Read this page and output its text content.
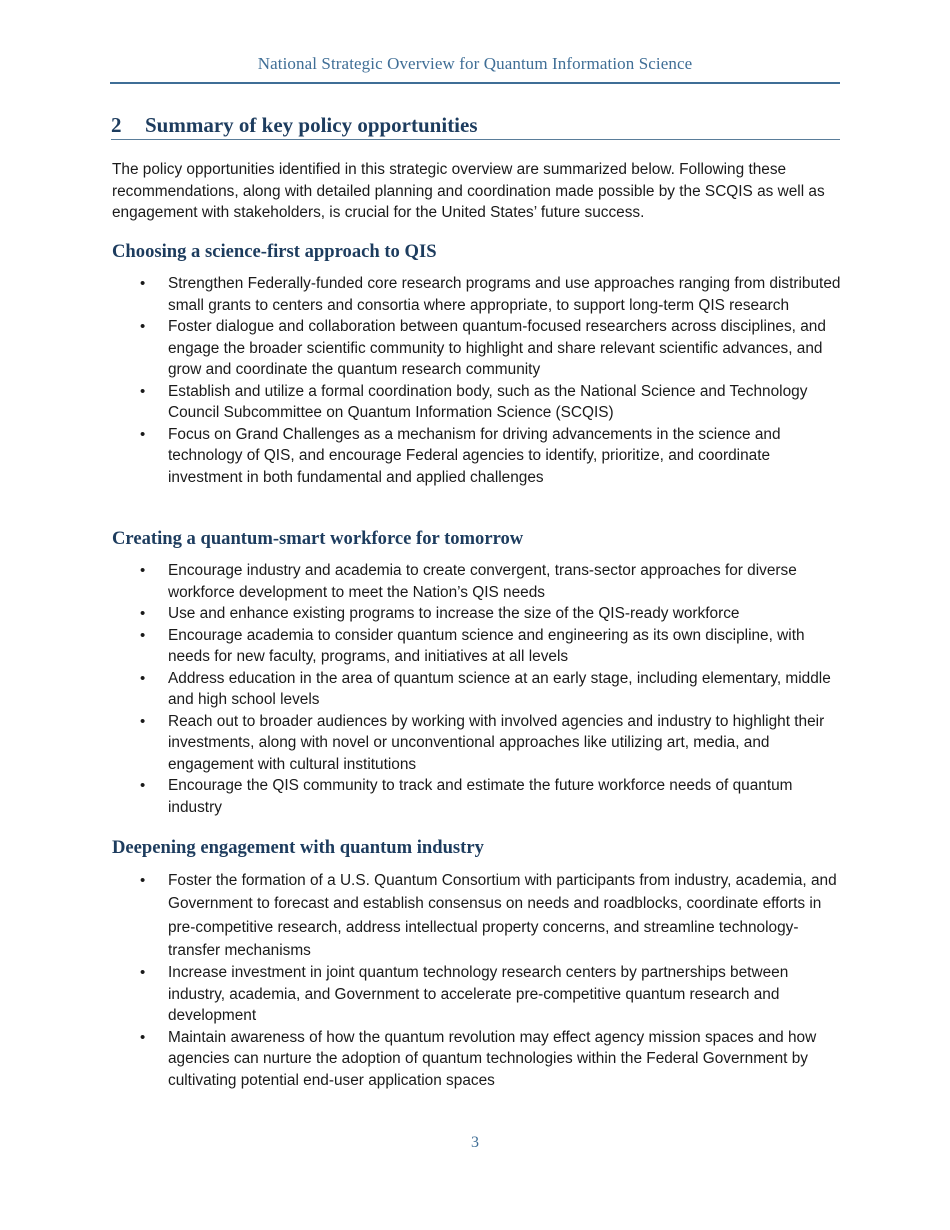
National Strategic Overview for Quantum Information Science
2 Summary of key policy opportunities

The policy opportunities identified in this strategic overview are summarized below. Following these recommendations, along with detailed planning and coordination made possible by the SCQIS as well as engagement with stakeholders, is crucial for the United States’ future success.

Choosing a science-first approach to QIS
• Strengthen Federally-funded core research programs and use approaches ranging from distributed small grants to centers and consortia where appropriate, to support long-term QIS research
• Foster dialogue and collaboration between quantum-focused researchers across disciplines, and engage the broader scientific community to highlight and share relevant scientific advances, and grow and coordinate the quantum research community
• Establish and utilize a formal coordination body, such as the National Science and Technology Council Subcommittee on Quantum Information Science (SCQIS)
• Focus on Grand Challenges as a mechanism for driving advancements in the science and technology of QIS, and encourage Federal agencies to identify, prioritize, and coordinate investment in both fundamental and applied challenges
Creating a quantum-smart workforce for tomorrow
• Encourage industry and academia to create convergent, trans-sector approaches for diverse workforce development to meet the Nation’s QIS needs
• Use and enhance existing programs to increase the size of the QIS-ready workforce
• Encourage academia to consider quantum science and engineering as its own discipline, with needs for new faculty, programs, and initiatives at all levels
• Address education in the area of quantum science at an early stage, including elementary, middle and high school levels
• Reach out to broader audiences by working with involved agencies and industry to highlight their investments, along with novel or unconventional approaches like utilizing art, media, and engagement with cultural institutions
• Encourage the QIS community to track and estimate the future workforce needs of quantum industry
Deepening engagement with quantum industry
• Foster the formation of a U.S. Quantum Consortium with participants from industry, academia, and Government to forecast and establish consensus on needs and roadblocks, coordinate efforts in pre-competitive research, address intellectual property concerns, and streamline technology-transfer mechanisms
• Increase investment in joint quantum technology research centers by partnerships between industry, academia, and Government to accelerate pre-competitive quantum research and development
• Maintain awareness of how the quantum revolution may effect agency mission spaces and how agencies can nurture the adoption of quantum technologies within the Federal Government by cultivating potential end-user application spaces
3
